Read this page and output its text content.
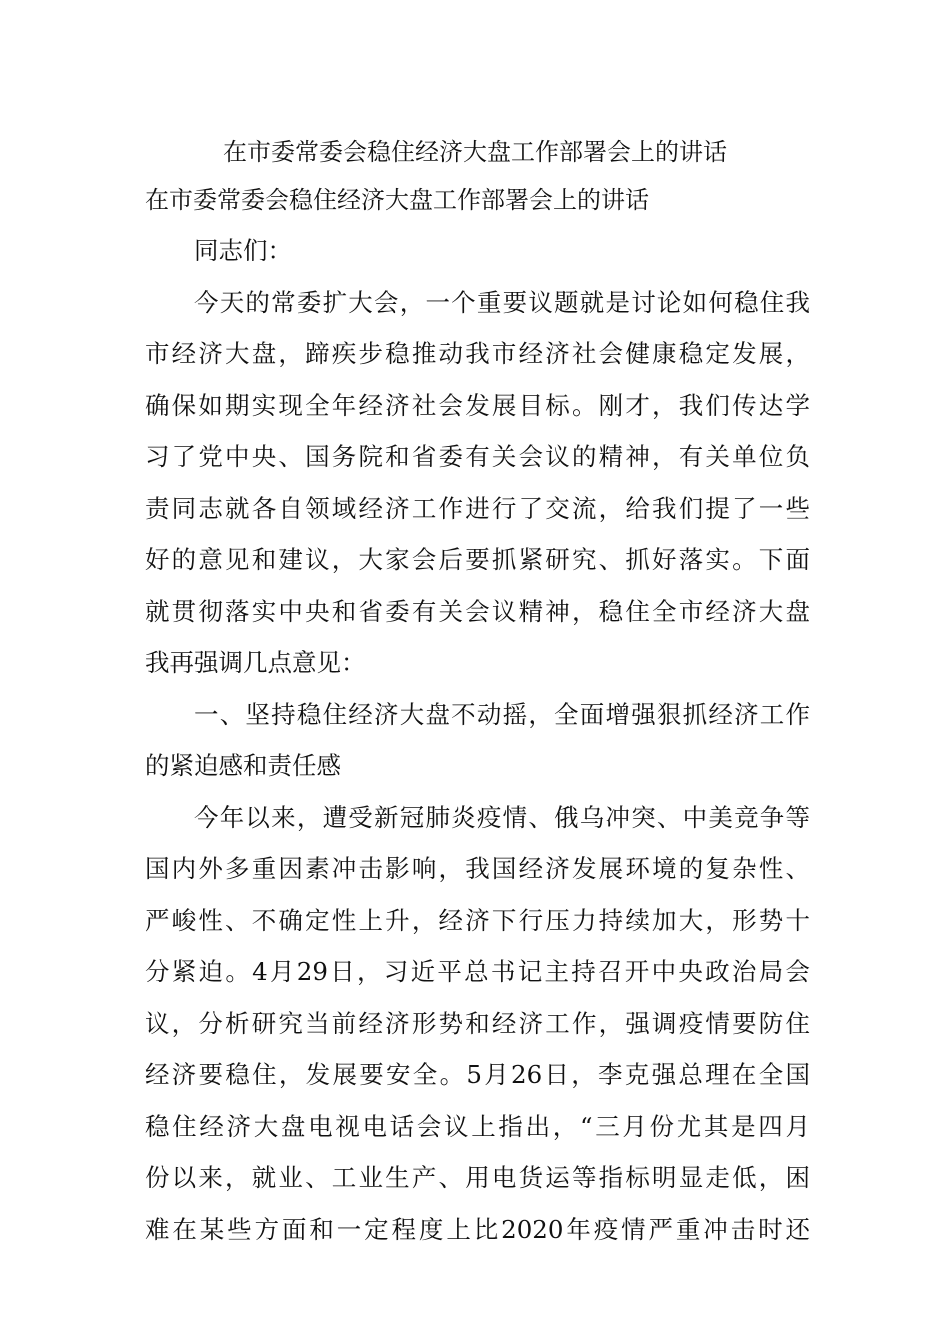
在市委常委会稳住经济大盘工作部署会上的讲话
在市委常委会稳住经济大盘工作部署会上的讲话
同志们：
今天的常委扩大会，一个重要议题就是讨论如何稳住我
市经济大盘，蹄疾步稳推动我市经济社会健康稳定发展，
确保如期实现全年经济社会发展目标。刚才，我们传达学
习了党中央、国务院和省委有关会议的精神，有关单位负
责同志就各自领域经济工作进行了交流，给我们提了一些
好的意见和建议，大家会后要抓紧研究、抓好落实。下面
就贯彻落实中央和省委有关会议精神，稳住全市经济大盘
我再强调几点意见：
一、坚持稳住经济大盘不动摇，全面增强狠抓经济工作
的紧迫感和责任感
今年以来，遭受新冠肺炎疫情、俄乌冲突、中美竞争等
国内外多重因素冲击影响，我国经济发展环境的复杂性、
严峻性、不确定性上升，经济下行压力持续加大，形势十
分紧迫。4月29日，习近平总书记主持召开中央政治局会
议，分析研究当前经济形势和经济工作，强调疫情要防住
经济要稳住，发展要安全。5月26日，李克强总理在全国
稳住经济大盘电视电话会议上指出，“三月份尤其是四月
份以来，就业、工业生产、用电货运等指标明显走低，困
难在某些方面和一定程度上比2020年疫情严重冲击时还
